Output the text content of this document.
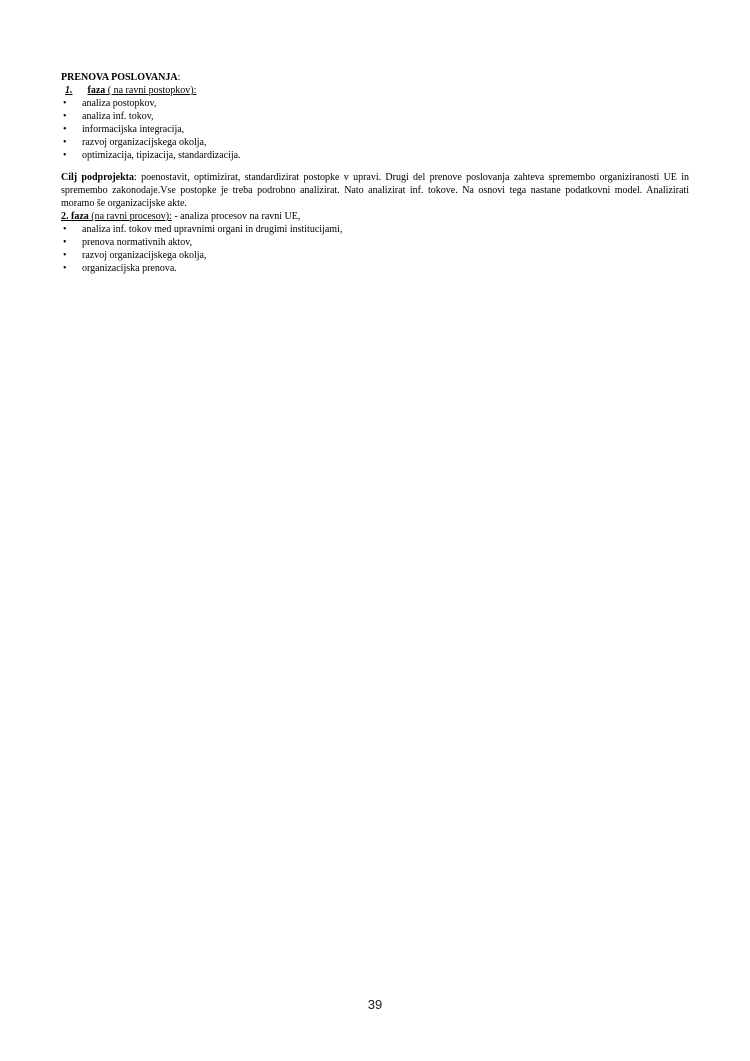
PRENOVA POSLOVANJA:
1. faza ( na ravni postopkov):
•	analiza postopkov,
•	analiza inf. tokov,
•	informacijska integracija,
•	razvoj organizacijskega okolja,
•	optimizacija, tipizacija, standardizacija.

Cilj podprojekta: poenostavit, optimizirat, standardizirat postopke v upravi. Drugi del prenove poslovanja zahteva spremembo organiziranosti UE in spremembo zakonodaje.Vse postopke je treba podrobno analizirat. Nato analizirat inf. tokove. Na osnovi tega nastane podatkovni model. Analizirati moramo še organizacijske akte.

2. faza (na ravni procesov): - analiza procesov na ravni UE,
•	analiza inf. tokov med upravnimi organi in drugimi institucijami,
•	prenova normativnih aktov,
•	razvoj organizacijskega okolja,
•	organizacijska prenova.
39
